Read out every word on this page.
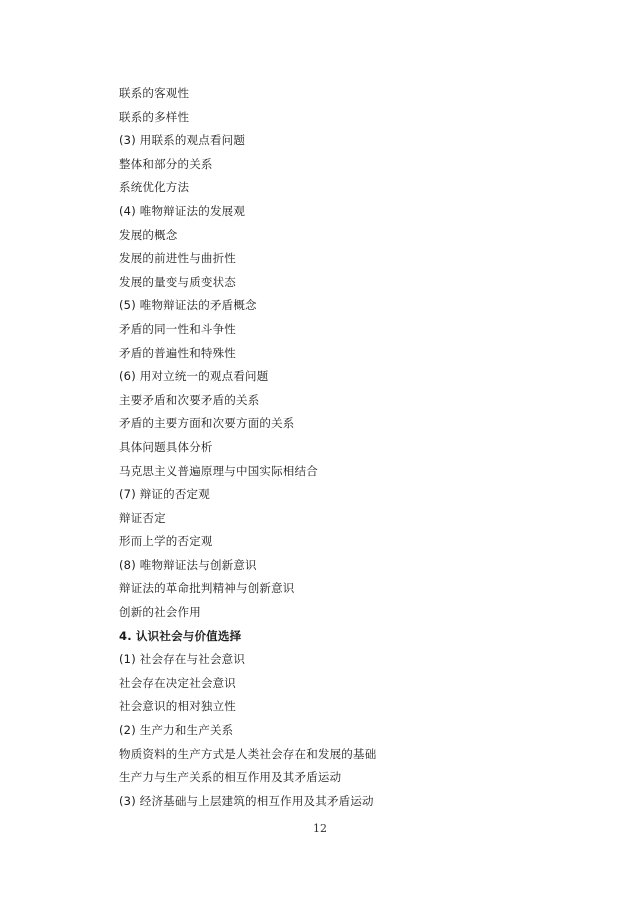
联系的客观性
联系的多样性
(3) 用联系的观点看问题
整体和部分的关系
系统优化方法
(4) 唯物辩证法的发展观
发展的概念
发展的前进性与曲折性
发展的量变与质变状态
(5) 唯物辩证法的矛盾概念
矛盾的同一性和斗争性
矛盾的普遍性和特殊性
(6) 用对立统一的观点看问题
主要矛盾和次要矛盾的关系
矛盾的主要方面和次要方面的关系
具体问题具体分析
马克思主义普遍原理与中国实际相结合
(7) 辩证的否定观
辩证否定
形而上学的否定观
(8) 唯物辩证法与创新意识
辩证法的革命批判精神与创新意识
创新的社会作用
4. 认识社会与价值选择
(1) 社会存在与社会意识
社会存在决定社会意识
社会意识的相对独立性
(2) 生产力和生产关系
物质资料的生产方式是人类社会存在和发展的基础
生产力与生产关系的相互作用及其矛盾运动
(3) 经济基础与上层建筑的相互作用及其矛盾运动
12
